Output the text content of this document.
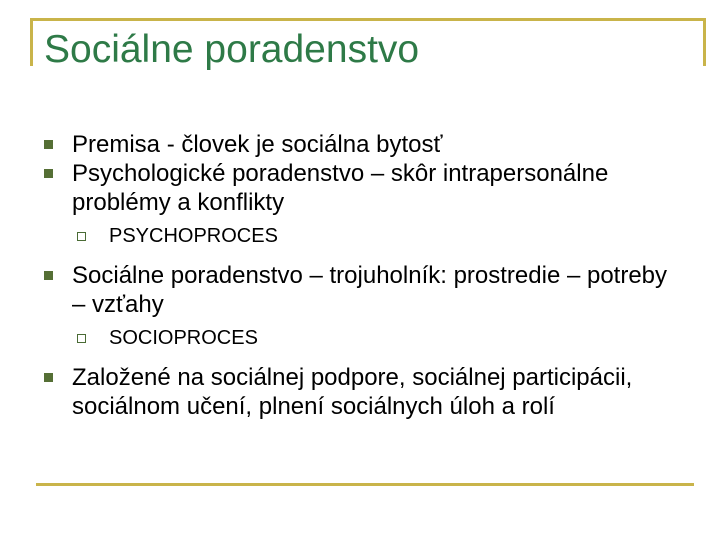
Sociálne poradenstvo
Premisa - človek je sociálna bytosť
Psychologické poradenstvo – skôr intrapersonálne problémy a konflikty
PSYCHOPROCES
Sociálne poradenstvo – trojuholník: prostredie – potreby – vzťahy
SOCIOPROCES
Založené na sociálnej podpore, sociálnej participácii, sociálnom učení, plnení sociálnych úloh a rolí
